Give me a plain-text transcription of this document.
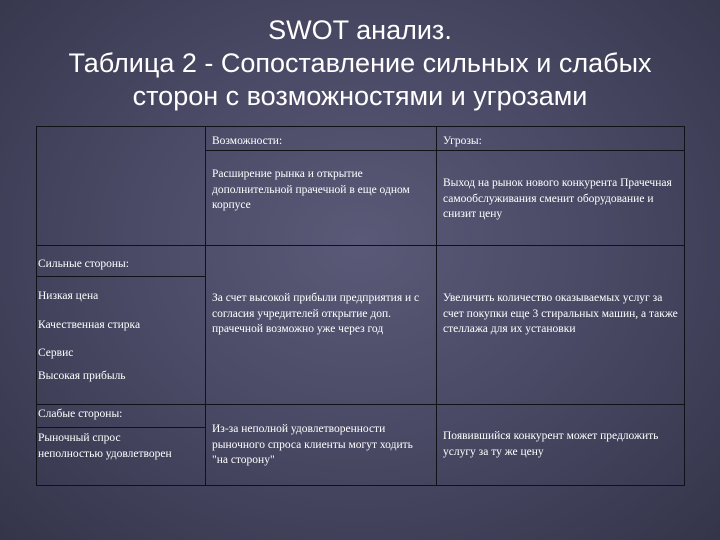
SWOT анализ.
Таблица 2 - Сопоставление сильных и слабых
сторон с возможностями и угрозами
Возможности:	Угрозы:
Расширение рынка и открытие дополнительной прачечной в еще одном корпусе
Выход на рынок нового конкурента Прачечная самообслуживания сменит оборудование и снизит цену
Сильные стороны:
Низкая цена
Качественная стирка
Сервис
Высокая прибыль
За счет высокой прибыли предприятия и с согласия учредителей открытие доп. прачечной возможно уже через год
Увеличить количество оказываемых услуг за счет покупки еще 3 стиральных машин, а также стеллажа для их установки
Слабые стороны:
Рыночный спрос неполностью удовлетворен
Из-за неполной удовлетворенности рыночного спроса клиенты могут ходить "на сторону"
Появившийся конкурент может предложить услугу за ту же цену
